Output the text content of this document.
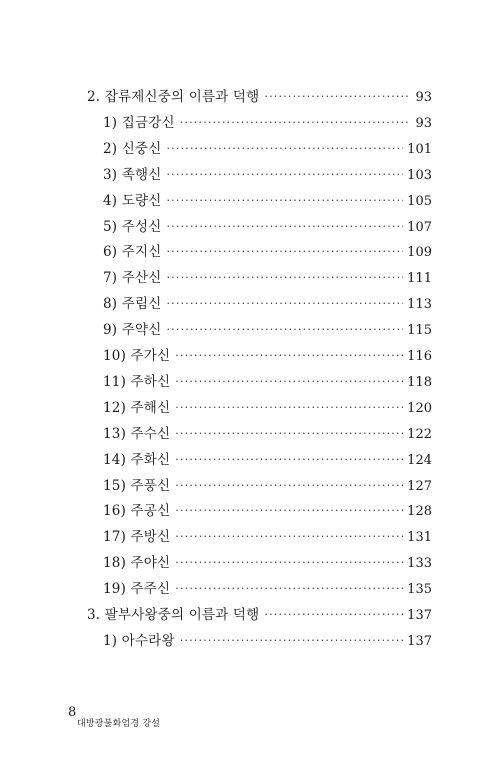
2. 잡류제신중의 이름과 덕행 ·····	93
1) 집금강신 ·····	93
2) 신중신 ·····	101
3) 족행신 ·····	103
4) 도량신 ·····	105
5) 주성신 ·····	107
6) 주지신 ·····	109
7) 주산신 ·····	111
8) 주림신 ·····	113
9) 주약신 ·····	115
10) 주가신 ·····	116
11) 주하신 ·····	118
12) 주해신 ·····	120
13) 주수신 ·····	122
14) 주화신 ·····	124
15) 주풍신 ·····	127
16) 주공신 ·····	128
17) 주방신 ·····	131
18) 주야신 ·····	133
19) 주주신 ·····	135
3. 팔부사왕중의 이름과 덕행 ·····	137
1) 아수라왕 ·····	137
8
대방광불화엄경 강설
